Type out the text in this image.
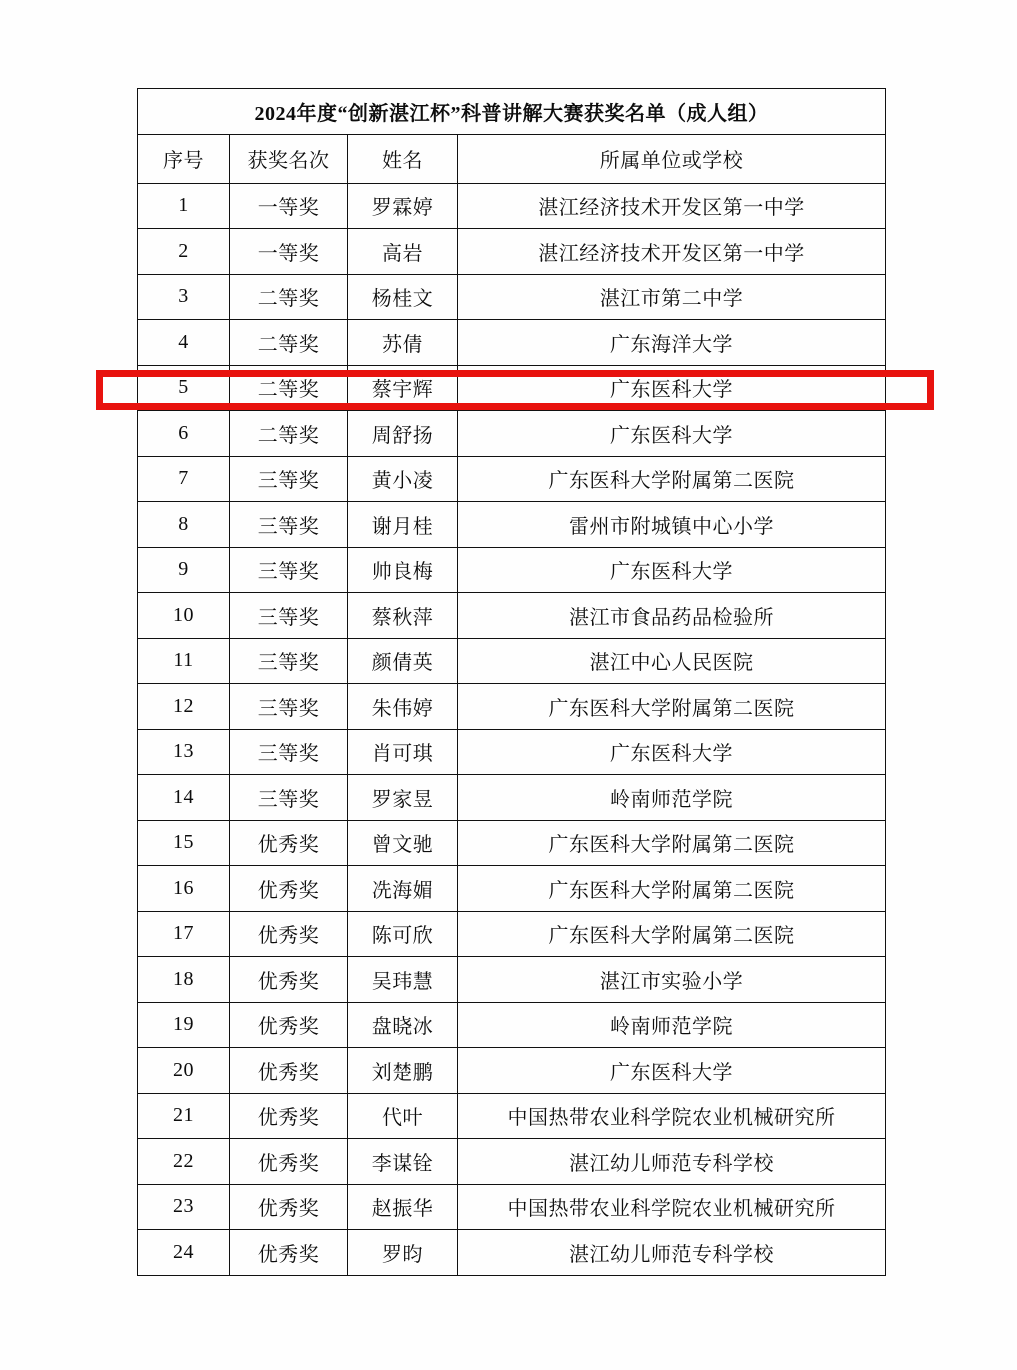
2024年度“创新湛江杯”科普讲解大赛获奖名单（成人组）			
序号	获奖名次	姓名	所属单位或学校
1	一等奖	罗霖婷	湛江经济技术开发区第一中学
2	一等奖	高岩	湛江经济技术开发区第一中学
3	二等奖	杨桂文	湛江市第二中学
4	二等奖	苏倩	广东海洋大学
5	二等奖	蔡宇辉	广东医科大学
6	二等奖	周舒扬	广东医科大学
7	三等奖	黄小凌	广东医科大学附属第二医院
8	三等奖	谢月桂	雷州市附城镇中心小学
9	三等奖	帅良梅	广东医科大学
10	三等奖	蔡秋萍	湛江市食品药品检验所
11	三等奖	颜倩英	湛江中心人民医院
12	三等奖	朱伟婷	广东医科大学附属第二医院
13	三等奖	肖可琪	广东医科大学
14	三等奖	罗家昱	岭南师范学院
15	优秀奖	曾文驰	广东医科大学附属第二医院
16	优秀奖	冼海媚	广东医科大学附属第二医院
17	优秀奖	陈可欣	广东医科大学附属第二医院
18	优秀奖	吴玮慧	湛江市实验小学
19	优秀奖	盘晓冰	岭南师范学院
20	优秀奖	刘楚鹏	广东医科大学
21	优秀奖	代叶	中国热带农业科学院农业机械研究所
22	优秀奖	李谋铨	湛江幼儿师范专科学校
23	优秀奖	赵振华	中国热带农业科学院农业机械研究所
24	优秀奖	罗昀	湛江幼儿师范专科学校
